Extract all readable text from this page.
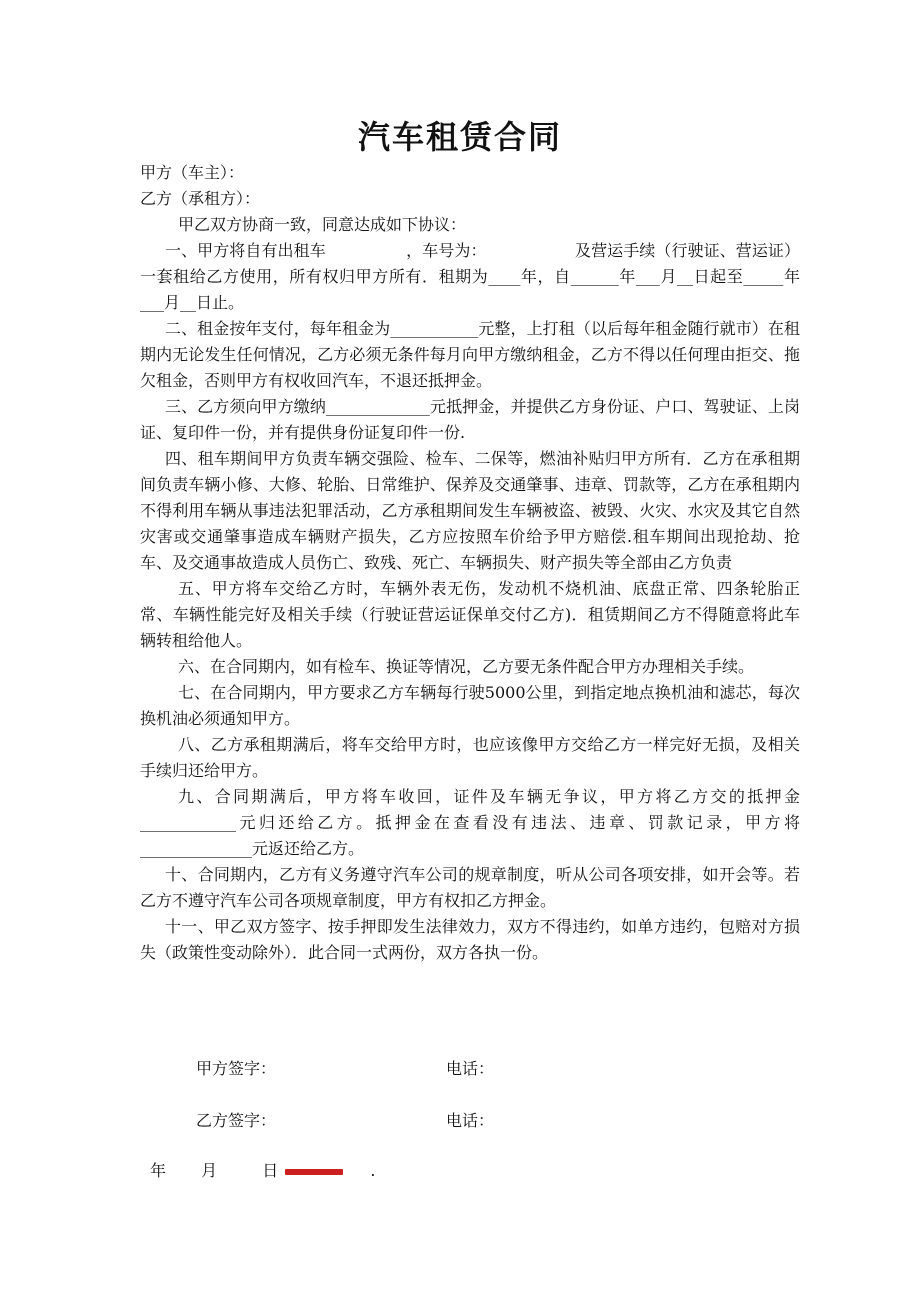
汽车租赁合同

甲方（车主）：

乙方（承租方）：

甲乙双方协商一致，同意达成如下协议：

一、甲方将自有出租车　　　　　，车号为：　　　　　　及营运手续（行驶证、营运证）一套租给乙方使用，所有权归甲方所有．租期为____年，自______年___月__日起至_____年___月__日止。

二、租金按年支付，每年租金为___________元整，上打租（以后每年租金随行就市）在租期内无论发生任何情况，乙方必须无条件每月向甲方缴纳租金，乙方不得以任何理由拒交、拖欠租金，否则甲方有权收回汽车，不退还抵押金。

三、乙方须向甲方缴纳_____________元抵押金，并提供乙方身份证、户口、驾驶证、上岗证、复印件一份，并有提供身份证复印件一份.

四、租车期间甲方负责车辆交强险、检车、二保等，燃油补贴归甲方所有．乙方在承租期间负责车辆小修、大修、轮胎、日常维护、保养及交通肇事、违章、罚款等，乙方在承租期内不得利用车辆从事违法犯罪活动，乙方承租期间发生车辆被盗、被毁、火灾、水灾及其它自然灾害或交通肇事造成车辆财产损失，乙方应按照车价给予甲方赔偿.租车期间出现抢劫、抢车、及交通事故造成人员伤亡、致残、死亡、车辆损失、财产损失等全部由乙方负责

五、甲方将车交给乙方时，车辆外表无伤，发动机不烧机油、底盘正常、四条轮胎正常、车辆性能完好及相关手续（行驶证营运证保单交付乙方)．租赁期间乙方不得随意将此车辆转租给他人。

六、在合同期内，如有检车、换证等情况，乙方要无条件配合甲方办理相关手续。

七、在合同期内，甲方要求乙方车辆每行驶5000公里，到指定地点换机油和滤芯，每次换机油必须通知甲方。

八、乙方承租期满后，将车交给甲方时，也应该像甲方交给乙方一样完好无损，及相关手续归还给甲方。

九、合同期满后，甲方将车收回，证件及车辆无争议，甲方将乙方交的抵押金____________元归还给乙方。抵押金在查看没有违法、违章、罚款记录，甲方将______________元返还给乙方。

十、合同期内，乙方有义务遵守汽车公司的规章制度，听从公司各项安排，如开会等。若乙方不遵守汽车公司各项规章制度，甲方有权扣乙方押金。

十一、甲乙双方签字、按手押即发生法律效力，双方不得违约，如单方违约，包赔对方损失（政策性变动除外）．此合同一式两份，双方各执一份。

甲方签字：	电话：
乙方签字：	电话：
年 月	日	.
